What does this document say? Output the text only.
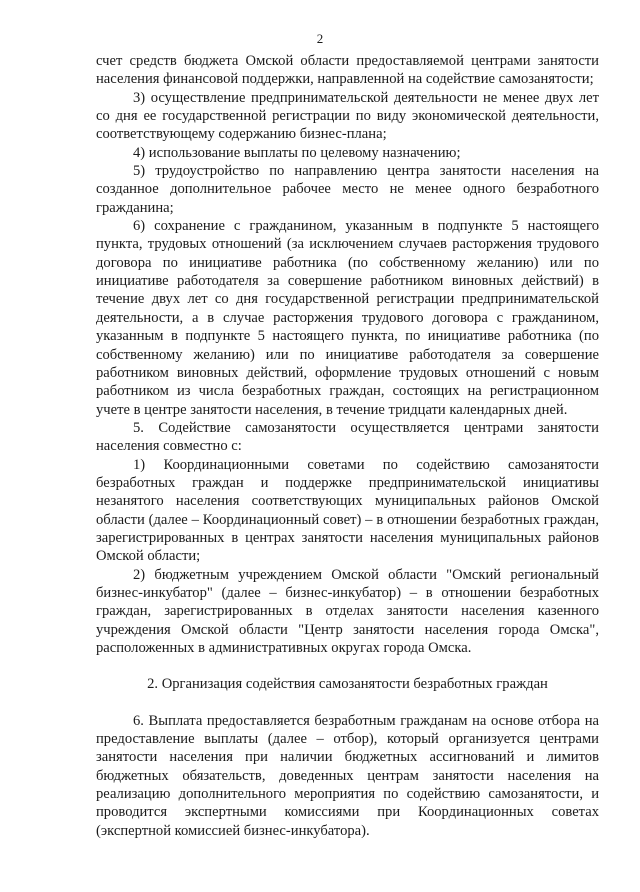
2

счет средств бюджета Омской области предоставляемой центрами занятости населения финансовой поддержки, направленной на содействие самозанятости;

3) осуществление предпринимательской деятельности не менее двух лет со дня ее государственной регистрации по виду экономической деятельности, соответствующему содержанию бизнес-плана;

4) использование выплаты по целевому назначению;

5) трудоустройство по направлению центра занятости населения на созданное дополнительное рабочее место не менее одного безработного гражданина;

6) сохранение с гражданином, указанным в подпункте 5 настоящего пункта, трудовых отношений (за исключением случаев расторжения трудового договора по инициативе работника (по собственному желанию) или по инициативе работодателя за совершение работником виновных действий) в течение двух лет со дня государственной регистрации предпринимательской деятельности, а в случае расторжения трудового договора с гражданином, указанным в подпункте 5 настоящего пункта, по инициативе работника (по собственному желанию) или по инициативе работодателя за совершение работником виновных действий, оформление трудовых отношений с новым работником из числа безработных граждан, состоящих на регистрационном учете в центре занятости населения, в течение тридцати календарных дней.

5. Содействие самозанятости осуществляется центрами занятости населения совместно с:

1) Координационными советами по содействию самозанятости безработных граждан и поддержке предпринимательской инициативы незанятого населения соответствующих муниципальных районов Омской области (далее – Координационный совет) – в отношении безработных граждан, зарегистрированных в центрах занятости населения муниципальных районов Омской области;

2) бюджетным учреждением Омской области "Омский региональный бизнес-инкубатор" (далее – бизнес-инкубатор) – в отношении безработных граждан, зарегистрированных в отделах занятости населения казенного учреждения Омской области "Центр занятости населения города Омска", расположенных в административных округах города Омска.

2. Организация содействия самозанятости безработных граждан

6. Выплата предоставляется безработным гражданам на основе отбора на предоставление выплаты (далее – отбор), который организуется центрами занятости населения при наличии бюджетных ассигнований и лимитов бюджетных обязательств, доведенных центрам занятости населения на реализацию дополнительного мероприятия по содействию самозанятости, и проводится экспертными комиссиями при Координационных советах (экспертной комиссией бизнес-инкубатора).
